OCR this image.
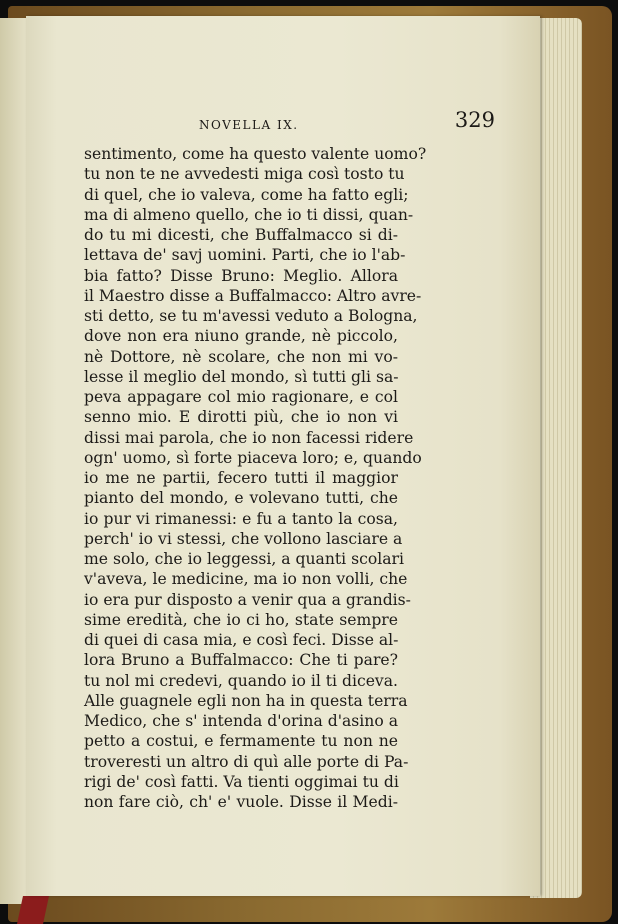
NOVELLA IX.	329
sentimento, come ha questo valente uomo?
tu non te ne avvedesti miga così tosto tu
di quel, che io valeva, come ha fatto egli;
ma di almeno quello, che io ti dissi, quan-
do tu mi dicesti, che Buffalmacco si di-
lettava de' savj uomini. Parti, che io l'ab-
bia fatto? Disse Bruno: Meglio. Allora
il Maestro disse a Buffalmacco: Altro avre-
sti detto, se tu m'avessi veduto a Bologna,
dove non era niuno grande, nè piccolo,
nè Dottore, nè scolare, che non mi vo-
lesse il meglio del mondo, sì tutti gli sa-
peva appagare col mio ragionare, e col
senno mio. E dirotti più, che io non vi
dissi mai parola, che io non facessi ridere
ogn' uomo, sì forte piaceva loro; e, quando
io me ne partii, fecero tutti il maggior
pianto del mondo, e volevano tutti, che
io pur vi rimanessi: e fu a tanto la cosa,
perch' io vi stessi, che vollono lasciare a
me solo, che io leggessi, a quanti scolari
v'aveva, le medicine, ma io non volli, che
io era pur disposto a venir qua a grandis-
sime eredità, che io ci ho, state sempre
di quei di casa mia, e così feci. Disse al-
lora Bruno a Buffalmacco: Che ti pare?
tu nol mi credevi, quando io il ti diceva.
Alle guagnele egli non ha in questa terra
Medico, che s' intenda d'orina d'asino a
petto a costui, e fermamente tu non ne
troveresti un altro di quì alle porte di Pa-
rigi de' così fatti. Va tienti oggimai tu di
non fare ciò, ch' e' vuole. Disse il Medi-
